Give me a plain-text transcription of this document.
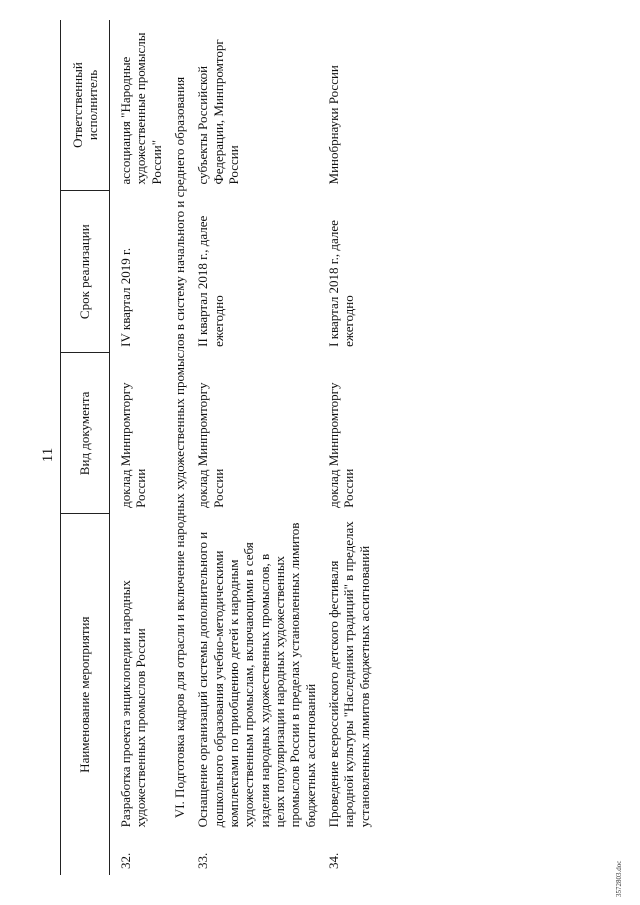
11
Наименование мероприятия		Вид документа	Срок реализации	Ответственный исполнитель
32.	Разработка проекта энциклопедии народных художественных промыслов России	доклад Минпромторгу России	IV квартал 2019 г.	ассоциация "Народные художественные промыслы России"
VI. Подготовка кадров для отрасли и включение народных художественных промыслов в систему начального и среднего образования				
33.	Оснащение организаций системы дополнительного и дошкольного образования учебно-методическими комплектами по приобщению детей к народным художественным промыслам, включающими в себя изделия народных художественных промыслов, в целях популяризации народных художественных промыслов России в пределах установленных лимитов бюджетных ассигнований	доклад Минпромторгу России	II квартал 2018 г., далее ежегодно	субъекты Российской Федерации, Минпромторг России
34.	Проведение всероссийского детского фестиваля народной культуры "Наследники традиций" в пределах установленных лимитов бюджетных ассигнований	доклад Минпромторгу России	I квартал 2018 г., далее ежегодно	Минобрнауки России
3572803.doc
